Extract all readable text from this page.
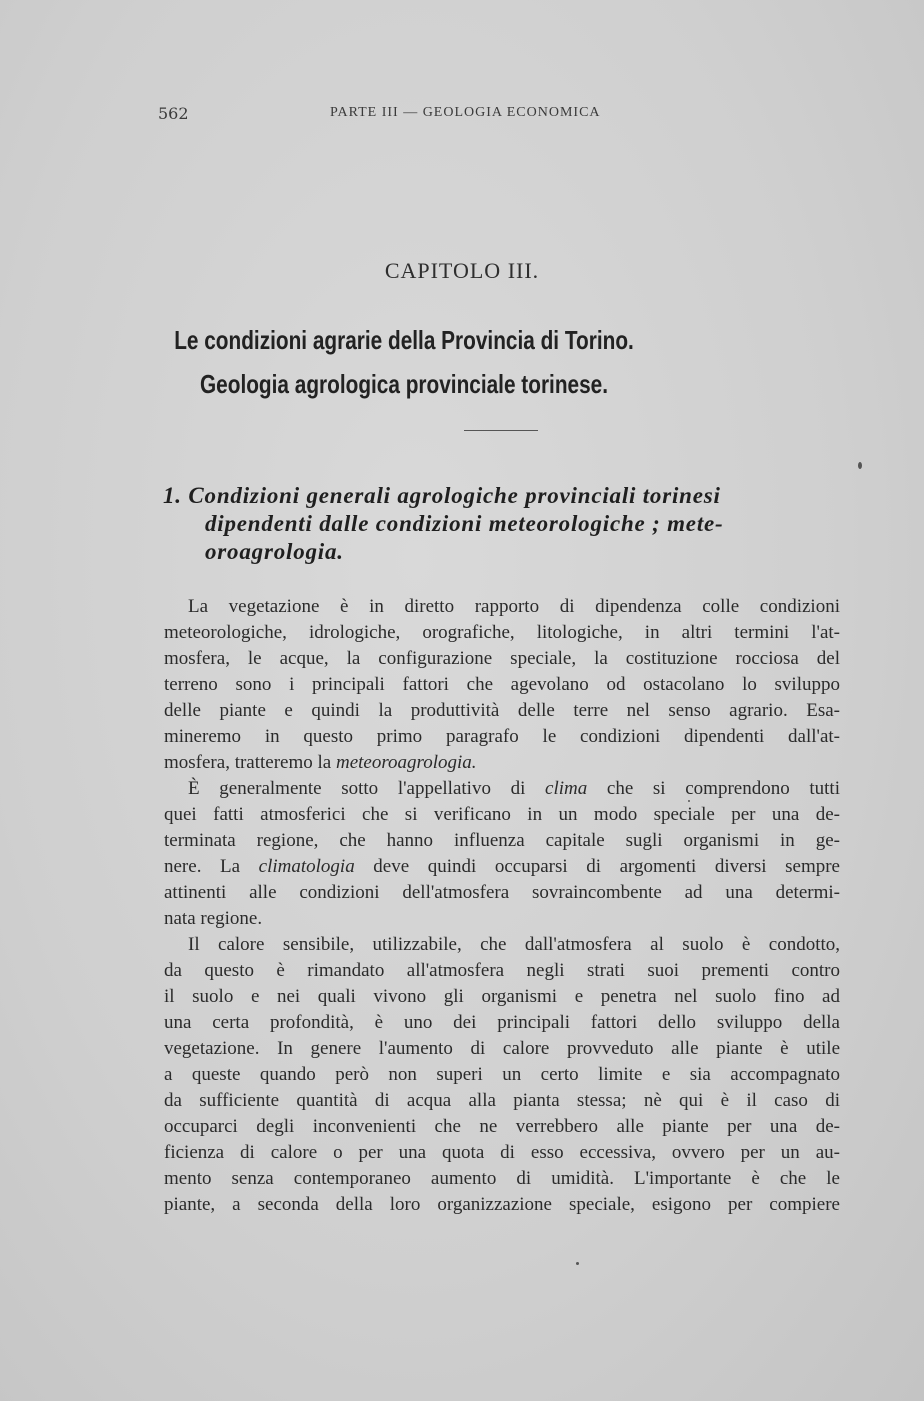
562	PARTE III — GEOLOGIA ECONOMICA
CAPITOLO III.
Le condizioni agrarie della Provincia di Torino.
Geologia agrologica provinciale torinese.
1. Condizioni generali agrologiche provinciali torinesi
dipendenti dalle condizioni meteorologiche ; mete-
oroagrologia.
La vegetazione è in diretto rapporto di dipendenza colle condizioni
meteorologiche, idrologiche, orografiche, litologiche, in altri termini l'at-
mosfera, le acque, la configurazione speciale, la costituzione rocciosa del
terreno sono i principali fattori che agevolano od ostacolano lo sviluppo
delle piante e quindi la produttività delle terre nel senso agrario. Esa-
mineremo in questo primo paragrafo le condizioni dipendenti dall'at-
mosfera, tratteremo la meteoroagrologia.
È generalmente sotto l'appellativo di clima che si comprendono tutti
quei fatti atmosferici che si verificano in un modo speciale per una de-
terminata regione, che hanno influenza capitale sugli organismi in ge-
nere. La climatologia deve quindi occuparsi di argomenti diversi sempre
attinenti alle condizioni dell'atmosfera sovraincombente ad una determi-
nata regione.
Il calore sensibile, utilizzabile, che dall'atmosfera al suolo è condotto,
da questo è rimandato all'atmosfera negli strati suoi prementi contro
il suolo e nei quali vivono gli organismi e penetra nel suolo fino ad
una certa profondità, è uno dei principali fattori dello sviluppo della
vegetazione. In genere l'aumento di calore provveduto alle piante è utile
a queste quando però non superi un certo limite e sia accompagnato
da sufficiente quantità di acqua alla pianta stessa; nè qui è il caso di
occuparci degli inconvenienti che ne verrebbero alle piante per una de-
ficienza di calore o per una quota di esso eccessiva, ovvero per un au-
mento senza contemporaneo aumento di umidità. L'importante è che le
piante, a seconda della loro organizzazione speciale, esigono per compiere
